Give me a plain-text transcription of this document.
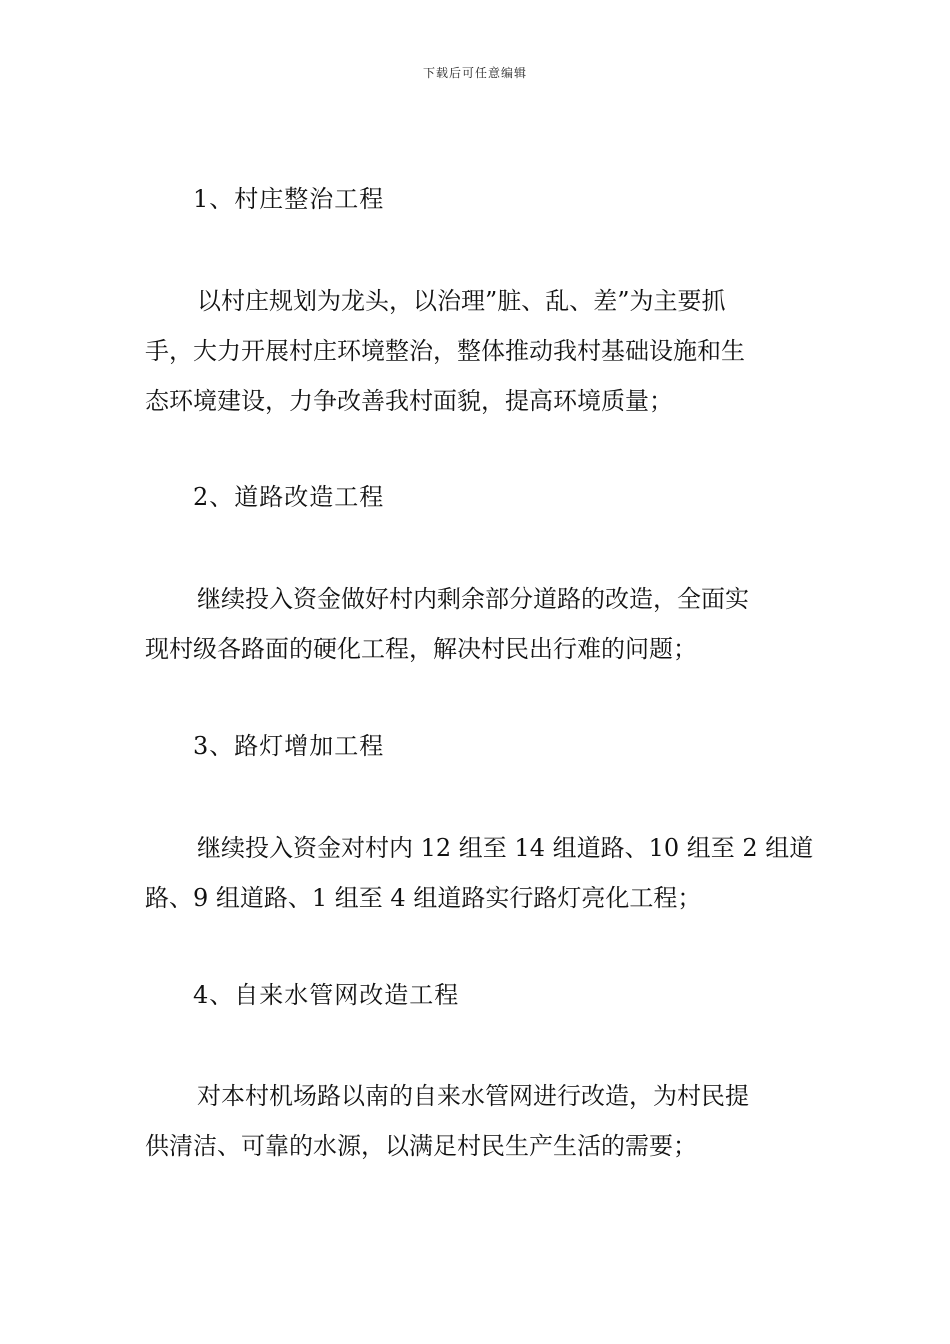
下载后可任意编辑
1、村庄整治工程
以村庄规划为龙头，以治理”脏、乱、差”为主要抓
手，大力开展村庄环境整治，整体推动我村基础设施和生
态环境建设，力争改善我村面貌，提高环境质量；
2、道路改造工程
继续投入资金做好村内剩余部分道路的改造，全面实
现村级各路面的硬化工程，解决村民出行难的问题；
3、路灯增加工程
继续投入资金对村内 12 组至 14 组道路、10 组至 2 组道
路、9 组道路、1 组至 4 组道路实行路灯亮化工程；
4、自来水管网改造工程
对本村机场路以南的自来水管网进行改造，为村民提
供清洁、可靠的水源，以满足村民生产生活的需要；
